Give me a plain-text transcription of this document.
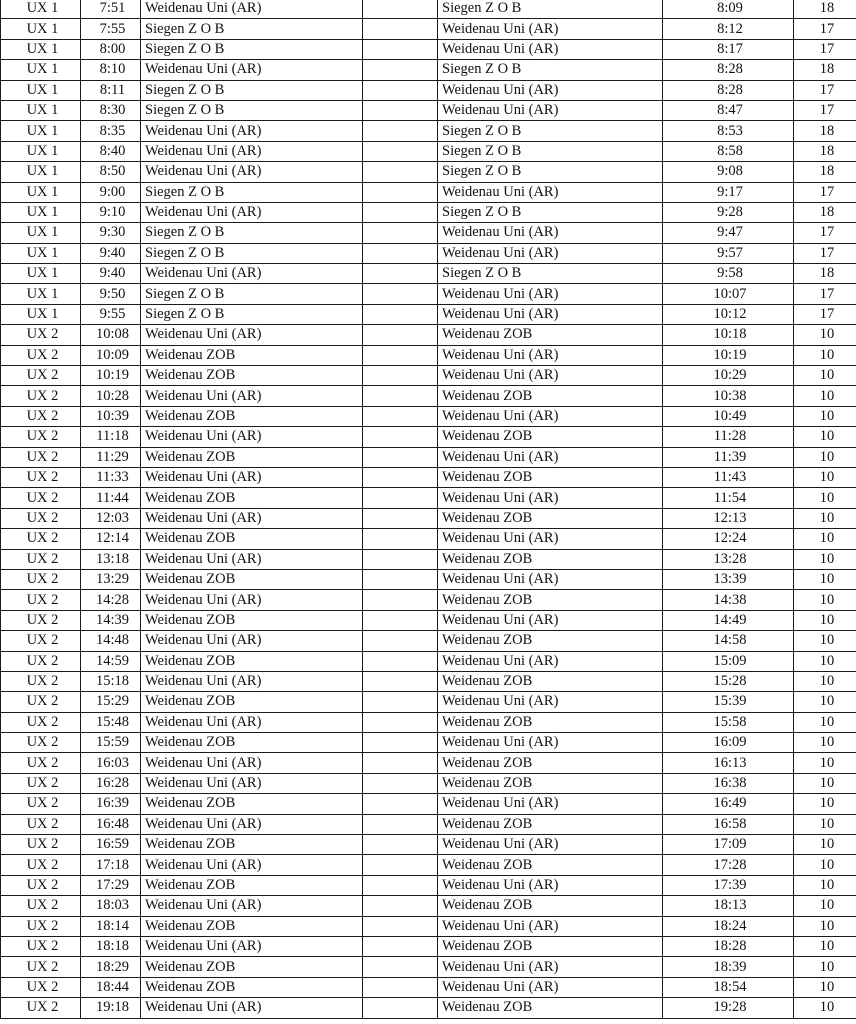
UX 1	7:51	Weidenau Uni (AR)		Siegen Z O B	8:09	18
UX 1	7:55	Siegen Z O B		Weidenau Uni (AR)	8:12	17
UX 1	8:00	Siegen Z O B		Weidenau Uni (AR)	8:17	17
UX 1	8:10	Weidenau Uni (AR)		Siegen Z O B	8:28	18
UX 1	8:11	Siegen Z O B		Weidenau Uni (AR)	8:28	17
UX 1	8:30	Siegen Z O B		Weidenau Uni (AR)	8:47	17
UX 1	8:35	Weidenau Uni (AR)		Siegen Z O B	8:53	18
UX 1	8:40	Weidenau Uni (AR)		Siegen Z O B	8:58	18
UX 1	8:50	Weidenau Uni (AR)		Siegen Z O B	9:08	18
UX 1	9:00	Siegen Z O B		Weidenau Uni (AR)	9:17	17
UX 1	9:10	Weidenau Uni (AR)		Siegen Z O B	9:28	18
UX 1	9:30	Siegen Z O B		Weidenau Uni (AR)	9:47	17
UX 1	9:40	Siegen Z O B		Weidenau Uni (AR)	9:57	17
UX 1	9:40	Weidenau Uni (AR)		Siegen Z O B	9:58	18
UX 1	9:50	Siegen Z O B		Weidenau Uni (AR)	10:07	17
UX 1	9:55	Siegen Z O B		Weidenau Uni (AR)	10:12	17
UX 2	10:08	Weidenau Uni (AR)		Weidenau ZOB	10:18	10
UX 2	10:09	Weidenau ZOB		Weidenau Uni (AR)	10:19	10
UX 2	10:19	Weidenau ZOB		Weidenau Uni (AR)	10:29	10
UX 2	10:28	Weidenau Uni (AR)		Weidenau ZOB	10:38	10
UX 2	10:39	Weidenau ZOB		Weidenau Uni (AR)	10:49	10
UX 2	11:18	Weidenau Uni (AR)		Weidenau ZOB	11:28	10
UX 2	11:29	Weidenau ZOB		Weidenau Uni (AR)	11:39	10
UX 2	11:33	Weidenau Uni (AR)		Weidenau ZOB	11:43	10
UX 2	11:44	Weidenau ZOB		Weidenau Uni (AR)	11:54	10
UX 2	12:03	Weidenau Uni (AR)		Weidenau ZOB	12:13	10
UX 2	12:14	Weidenau ZOB		Weidenau Uni (AR)	12:24	10
UX 2	13:18	Weidenau Uni (AR)		Weidenau ZOB	13:28	10
UX 2	13:29	Weidenau ZOB		Weidenau Uni (AR)	13:39	10
UX 2	14:28	Weidenau Uni (AR)		Weidenau ZOB	14:38	10
UX 2	14:39	Weidenau ZOB		Weidenau Uni (AR)	14:49	10
UX 2	14:48	Weidenau Uni (AR)		Weidenau ZOB	14:58	10
UX 2	14:59	Weidenau ZOB		Weidenau Uni (AR)	15:09	10
UX 2	15:18	Weidenau Uni (AR)		Weidenau ZOB	15:28	10
UX 2	15:29	Weidenau ZOB		Weidenau Uni (AR)	15:39	10
UX 2	15:48	Weidenau Uni (AR)		Weidenau ZOB	15:58	10
UX 2	15:59	Weidenau ZOB		Weidenau Uni (AR)	16:09	10
UX 2	16:03	Weidenau Uni (AR)		Weidenau ZOB	16:13	10
UX 2	16:28	Weidenau Uni (AR)		Weidenau ZOB	16:38	10
UX 2	16:39	Weidenau ZOB		Weidenau Uni (AR)	16:49	10
UX 2	16:48	Weidenau Uni (AR)		Weidenau ZOB	16:58	10
UX 2	16:59	Weidenau ZOB		Weidenau Uni (AR)	17:09	10
UX 2	17:18	Weidenau Uni (AR)		Weidenau ZOB	17:28	10
UX 2	17:29	Weidenau ZOB		Weidenau Uni (AR)	17:39	10
UX 2	18:03	Weidenau Uni (AR)		Weidenau ZOB	18:13	10
UX 2	18:14	Weidenau ZOB		Weidenau Uni (AR)	18:24	10
UX 2	18:18	Weidenau Uni (AR)		Weidenau ZOB	18:28	10
UX 2	18:29	Weidenau ZOB		Weidenau Uni (AR)	18:39	10
UX 2	18:44	Weidenau ZOB		Weidenau Uni (AR)	18:54	10
UX 2	19:18	Weidenau Uni (AR)		Weidenau ZOB	19:28	10
